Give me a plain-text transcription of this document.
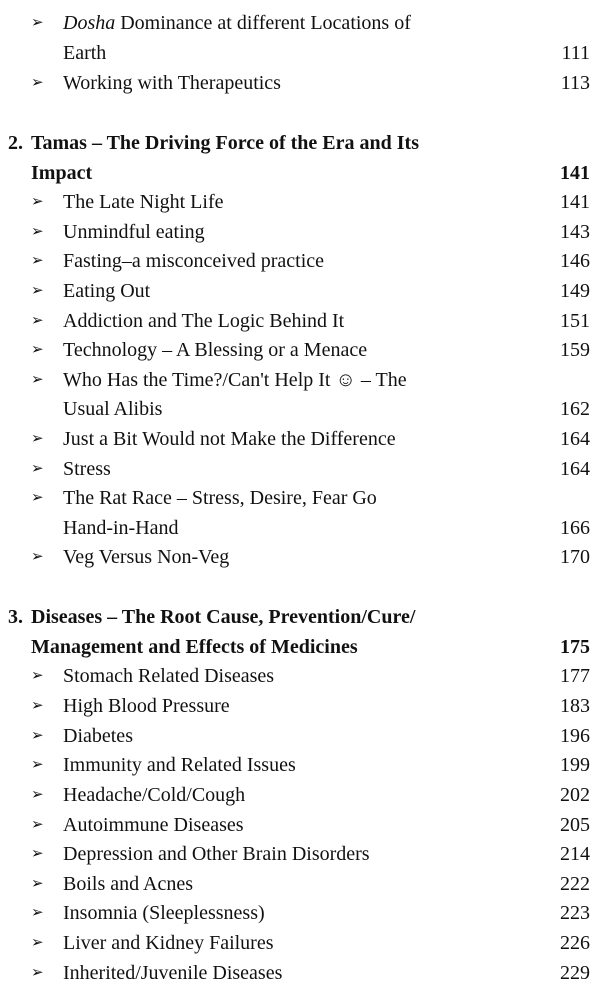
➢ Dosha Dominance at different Locations of
Earth	111
➢ Working with Therapeutics	113
2. Tamas – The Driving Force of the Era and Its
Impact	141
➢ The Late Night Life	141
➢ Unmindful eating	143
➢ Fasting–a misconceived practice	146
➢ Eating Out	149
➢ Addiction and The Logic Behind It	151
➢ Technology – A Blessing or a Menace	159
➢ Who Has the Time?/Can't Help It ☺ – The
Usual Alibis	162
➢ Just a Bit Would not Make the Difference	164
➢ Stress	164
➢ The Rat Race – Stress, Desire, Fear Go
Hand-in-Hand	166
➢ Veg Versus Non-Veg	170
3. Diseases – The Root Cause, Prevention/Cure/
Management and Effects of Medicines	175
➢ Stomach Related Diseases	177
➢ High Blood Pressure	183
➢ Diabetes	196
➢ Immunity and Related Issues	199
➢ Headache/Cold/Cough	202
➢ Autoimmune Diseases	205
➢ Depression and Other Brain Disorders	214
➢ Boils and Acnes	222
➢ Insomnia (Sleeplessness)	223
➢ Liver and Kidney Failures	226
➢ Inherited/Juvenile Diseases	229
